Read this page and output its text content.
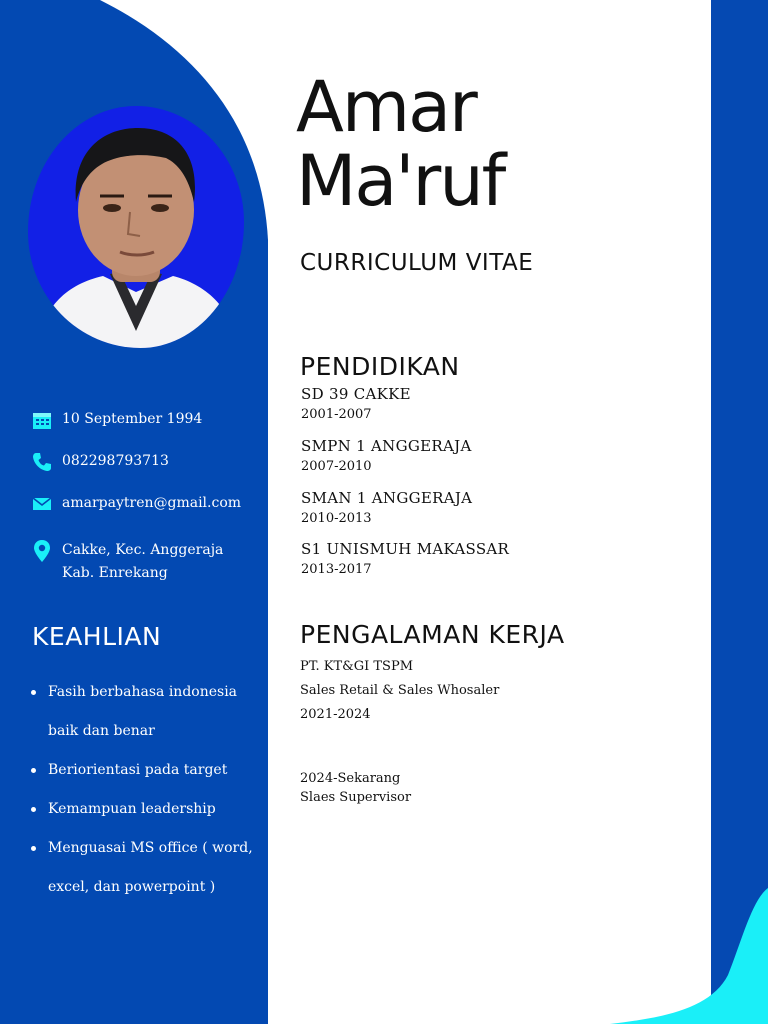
10 September 1994
082298793713
amarpaytren@gmail.com
Cakke, Kec. Anggeraja
Kab. Enrekang
KEAHLIAN
Fasih berbahasa indonesia baik dan benar
Beriorientasi pada target
Kemampuan leadership
Menguasai MS office ( word, excel, dan powerpoint )
Amar
Ma'ruf
CURRICULUM VITAE
PENDIDIKAN
SD 39 CAKKE
2001-2007
SMPN 1 ANGGERAJA
2007-2010
SMAN 1 ANGGERAJA
2010-2013
S1 UNISMUH MAKASSAR
2013-2017
PENGALAMAN KERJA
PT. KT&GI TSPM
Sales Retail & Sales Whosaler
2021-2024
2024-Sekarang
Slaes Supervisor
